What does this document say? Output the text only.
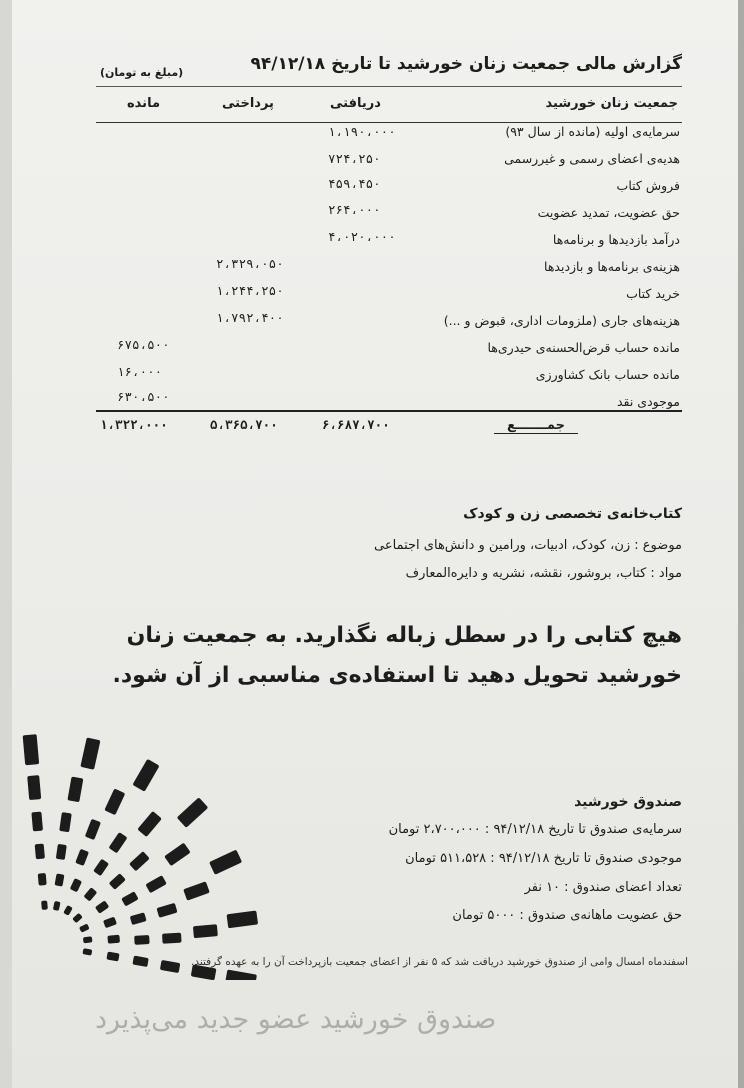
گزارش مالی جمعیت زنان خورشید تا تاریخ ۹۴/۱۲/۱۸
(مبلغ به تومان)
جمعیت زنان خورشید
دریافتی
پرداختی
مانده
سرمایه‌ی اولیه (مانده از سال ۹۳)
۱،۱۹۰،۰۰۰
هدیه‌ی اعضای رسمی و غیررسمی
۷۲۴،۲۵۰
فروش کتاب
۴۵۹،۴۵۰
حق عضویت، تمدید عضویت
۲۶۴،۰۰۰
درآمد بازدیدها و برنامه‌ها
۴،۰۲۰،۰۰۰
هزینه‌ی برنامه‌ها و بازدیدها
۲،۳۲۹،۰۵۰
خرید کتاب
۱،۲۴۴،۲۵۰
هزینه‌های جاری (ملزومات اداری، قبوض و ...)
۱،۷۹۲،۴۰۰
مانده حساب قرض‌الحسنه‌ی حیدری‌ها
۶۷۵،۵۰۰
مانده حساب بانک کشاورزی
۱۶،۰۰۰
موجودی نقد
۶۳۰،۵۰۰
جمـــــــع
۶،۶۸۷،۷۰۰
۵،۳۶۵،۷۰۰
۱،۳۲۲،۰۰۰
کتاب‌خانه‌ی تخصصی زن و کودک
موضوع : زن، کودک، ادبیات، ورامین و دانش‌های اجتماعی
مواد : کتاب، بروشور، نقشه، نشریه و دایره‌المعارف
هیچ کتابی را در سطل زباله نگذارید. به جمعیت زنان خورشید تحویل دهید تا استفاده‌ی مناسبی از آن شود.
صندوق خورشید
سرمایه‌ی صندوق تا تاریخ ۹۴/۱۲/۱۸ : ۲،۷۰۰،۰۰۰ تومان
موجودی صندوق تا تاریخ ۹۴/۱۲/۱۸ : ۵۱۱،۵۲۸ تومان
تعداد اعضای صندوق : ۱۰ نفر
حق عضویت ماهانه‌ی صندوق : ۵۰۰۰ تومان
اسفندماه امسال وامی از صندوق خورشید دریافت شد که ۵ نفر از اعضای جمعیت بازپرداخت آن را به عهده گرفتند.
صندوق خورشید عضو جدید می‌پذیرد
